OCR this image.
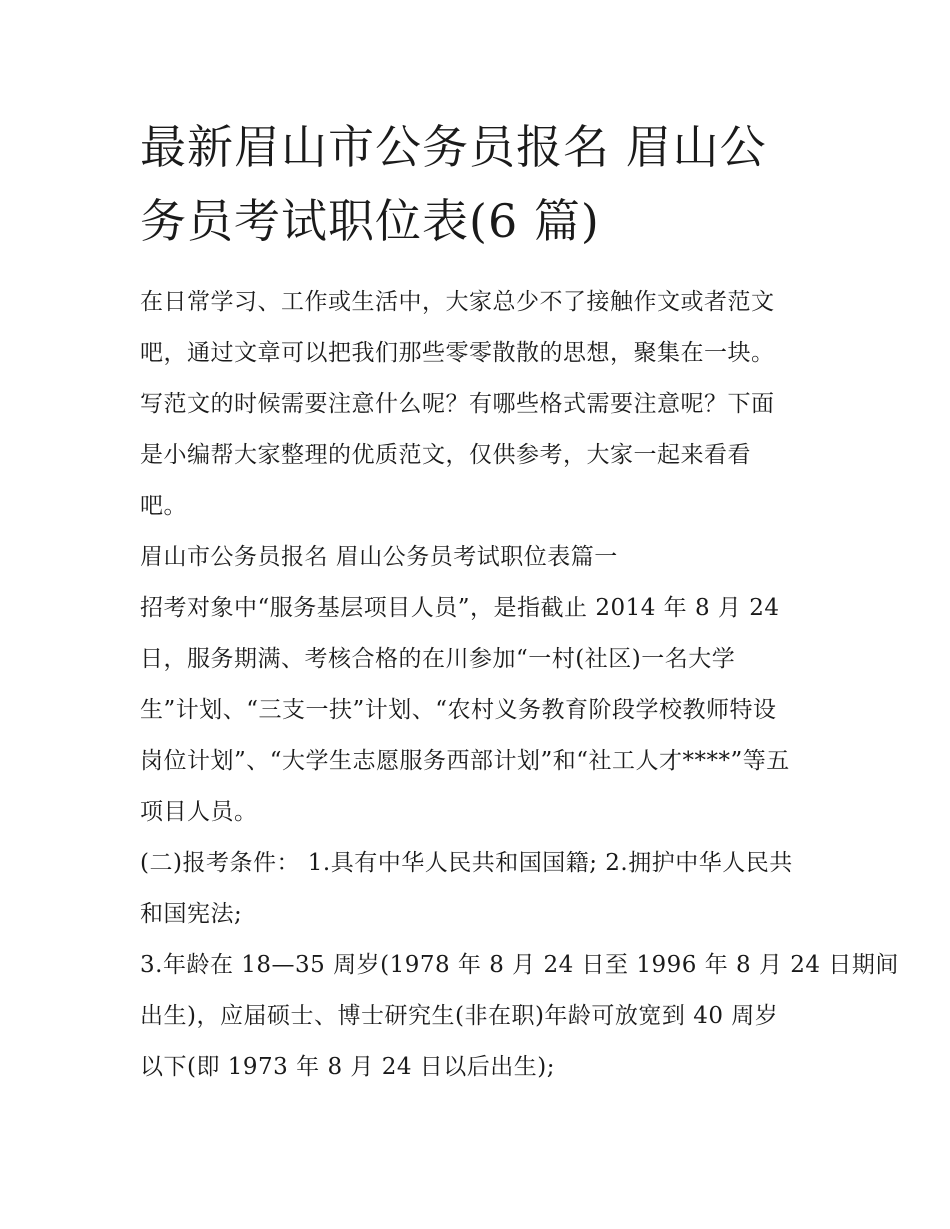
最新眉山市公务员报名 眉山公
务员考试职位表(6 篇)
在日常学习、工作或生活中，大家总少不了接触作文或者范文
吧，通过文章可以把我们那些零零散散的思想，聚集在一块。
写范文的时候需要注意什么呢？有哪些格式需要注意呢？下面
是小编帮大家整理的优质范文，仅供参考，大家一起来看看
吧。
眉山市公务员报名 眉山公务员考试职位表篇一
招考对象中“服务基层项目人员”，是指截止 2014 年 8 月 24
日，服务期满、考核合格的在川参加“一村(社区)一名大学
生”计划、“三支一扶”计划、“农村义务教育阶段学校教师特设
岗位计划”、“大学生志愿服务西部计划”和“社工人才****”等五
项目人员。
(二)报考条件： 1.具有中华人民共和国国籍; 2.拥护中华人民共
和国宪法;
3.年龄在 18—35 周岁(1978 年 8 月 24 日至 1996 年 8 月 24 日期间
出生)，应届硕士、博士研究生(非在职)年龄可放宽到 40 周岁
以下(即 1973 年 8 月 24 日以后出生);
